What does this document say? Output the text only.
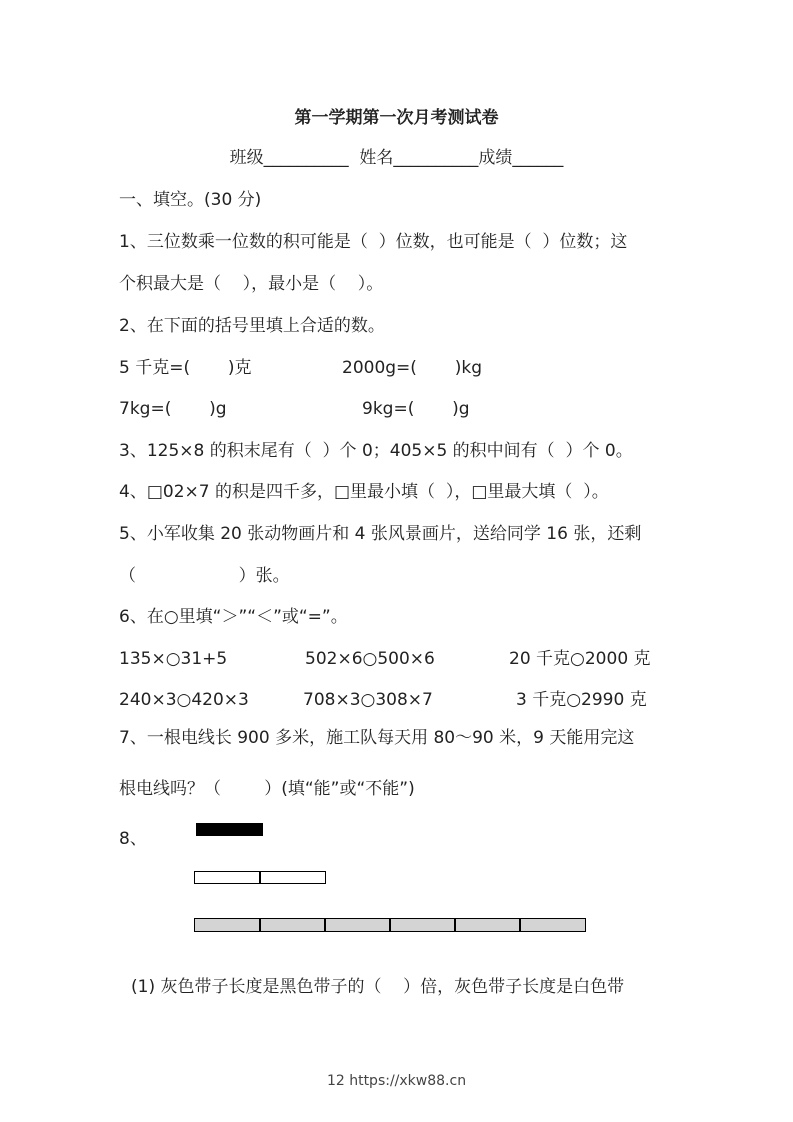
第一学期第一次月考测试卷
班级__________  姓名__________成绩______
一、填空。(30 分)
1、三位数乘一位数的积可能是（  ）位数，也可能是（  ）位数；这
个积最大是（    ），最小是（    ）。
2、在下面的括号里填上合适的数。
5 千克=(       )克	2000g=(       )kg
7kg=(       )g	9kg=(       )g
3、125×8 的积末尾有（  ）个 0；405×5 的积中间有（  ）个 0。
4、□02×7 的积是四千多，□里最小填（  ），□里最大填（  ）。
5、小军收集 20 张动物画片和 4 张风景画片，送给同学 16 张，还剩
（                   ）张。
6、在○里填“＞”“＜”或“=”。
135×○31+5	502×6○500×6	20 千克○2000 克
240×3○420×3	708×3○308×7	3 千克○2990 克
7、一根电线长 900 多米，施工队每天用 80～90 米，9 天能用完这
根电线吗？（        ）(填“能”或“不能”)
8、
(1) 灰色带子长度是黑色带子的（    ）倍，灰色带子长度是白色带
12 https://xkw88.cn
